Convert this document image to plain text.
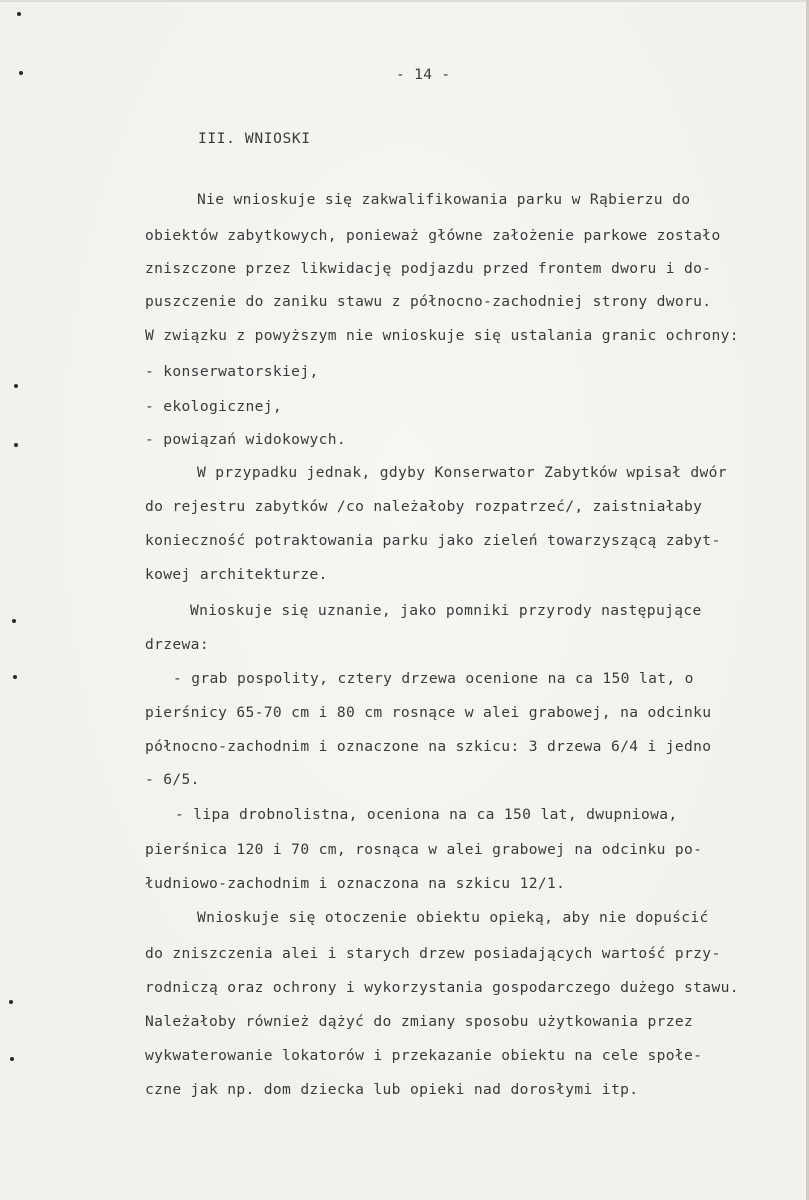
- 14 -
III. WNIOSKI
Nie wnioskuje się zakwalifikowania parku w Rąbierzu do
obiektów zabytkowych, ponieważ główne założenie parkowe zostało
zniszczone przez likwidację podjazdu przed frontem dworu i do-
puszczenie do zaniku stawu z północno-zachodniej strony dworu.
W związku z powyższym nie wnioskuje się ustalania granic ochrony:
- konserwatorskiej,
- ekologicznej,
- powiązań widokowych.
W przypadku jednak, gdyby Konserwator Zabytków wpisał dwór
do rejestru zabytków /co należałoby rozpatrzeć/, zaistniałaby
konieczność potraktowania parku jako zieleń towarzyszącą zabyt-
kowej architekturze.
Wnioskuje się uznanie, jako pomniki przyrody następujące
drzewa:
- grab pospolity, cztery drzewa ocenione na ca 150 lat, o
pierśnicy 65-70 cm i 80 cm rosnące w alei grabowej, na odcinku
północno-zachodnim i oznaczone na szkicu: 3 drzewa 6/4 i jedno
- 6/5.
- lipa drobnolistna, oceniona na ca 150 lat, dwupniowa,
pierśnica 120 i 70 cm, rosnąca w alei grabowej na odcinku po-
łudniowo-zachodnim i oznaczona na szkicu 12/1.
Wnioskuje się otoczenie obiektu opieką, aby nie dopuścić
do zniszczenia alei i starych drzew posiadających wartość przy-
rodniczą oraz ochrony i wykorzystania gospodarczego dużego stawu.
Należałoby również dążyć do zmiany sposobu użytkowania przez
wykwaterowanie lokatorów i przekazanie obiektu na cele społe-
czne jak np. dom dziecka lub opieki nad dorosłymi itp.
